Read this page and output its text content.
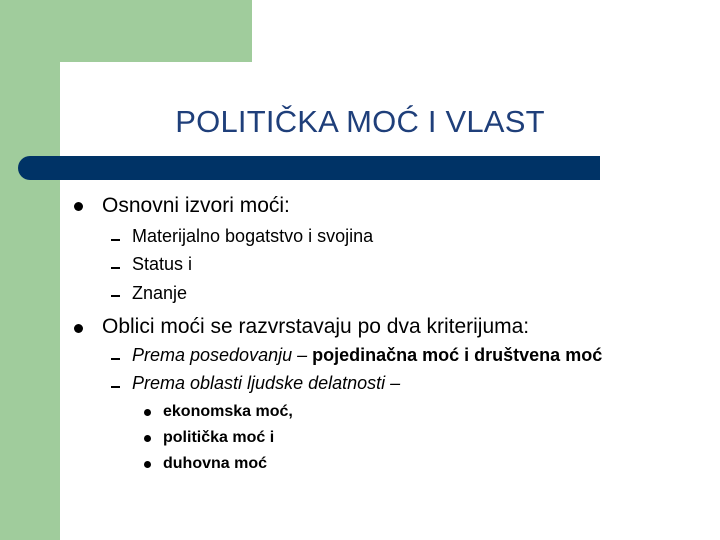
POLITIČKA MOĆ I VLAST
Osnovni izvori moći:
Materijalno bogatstvo i svojina
Status i
Znanje
Oblici moći se razvrstavaju po dva kriterijuma:
Prema posedovanju – pojedinačna moć i društvena moć
Prema oblasti ljudske delatnosti –
ekonomska moć,
politička moć i
duhovna moć
